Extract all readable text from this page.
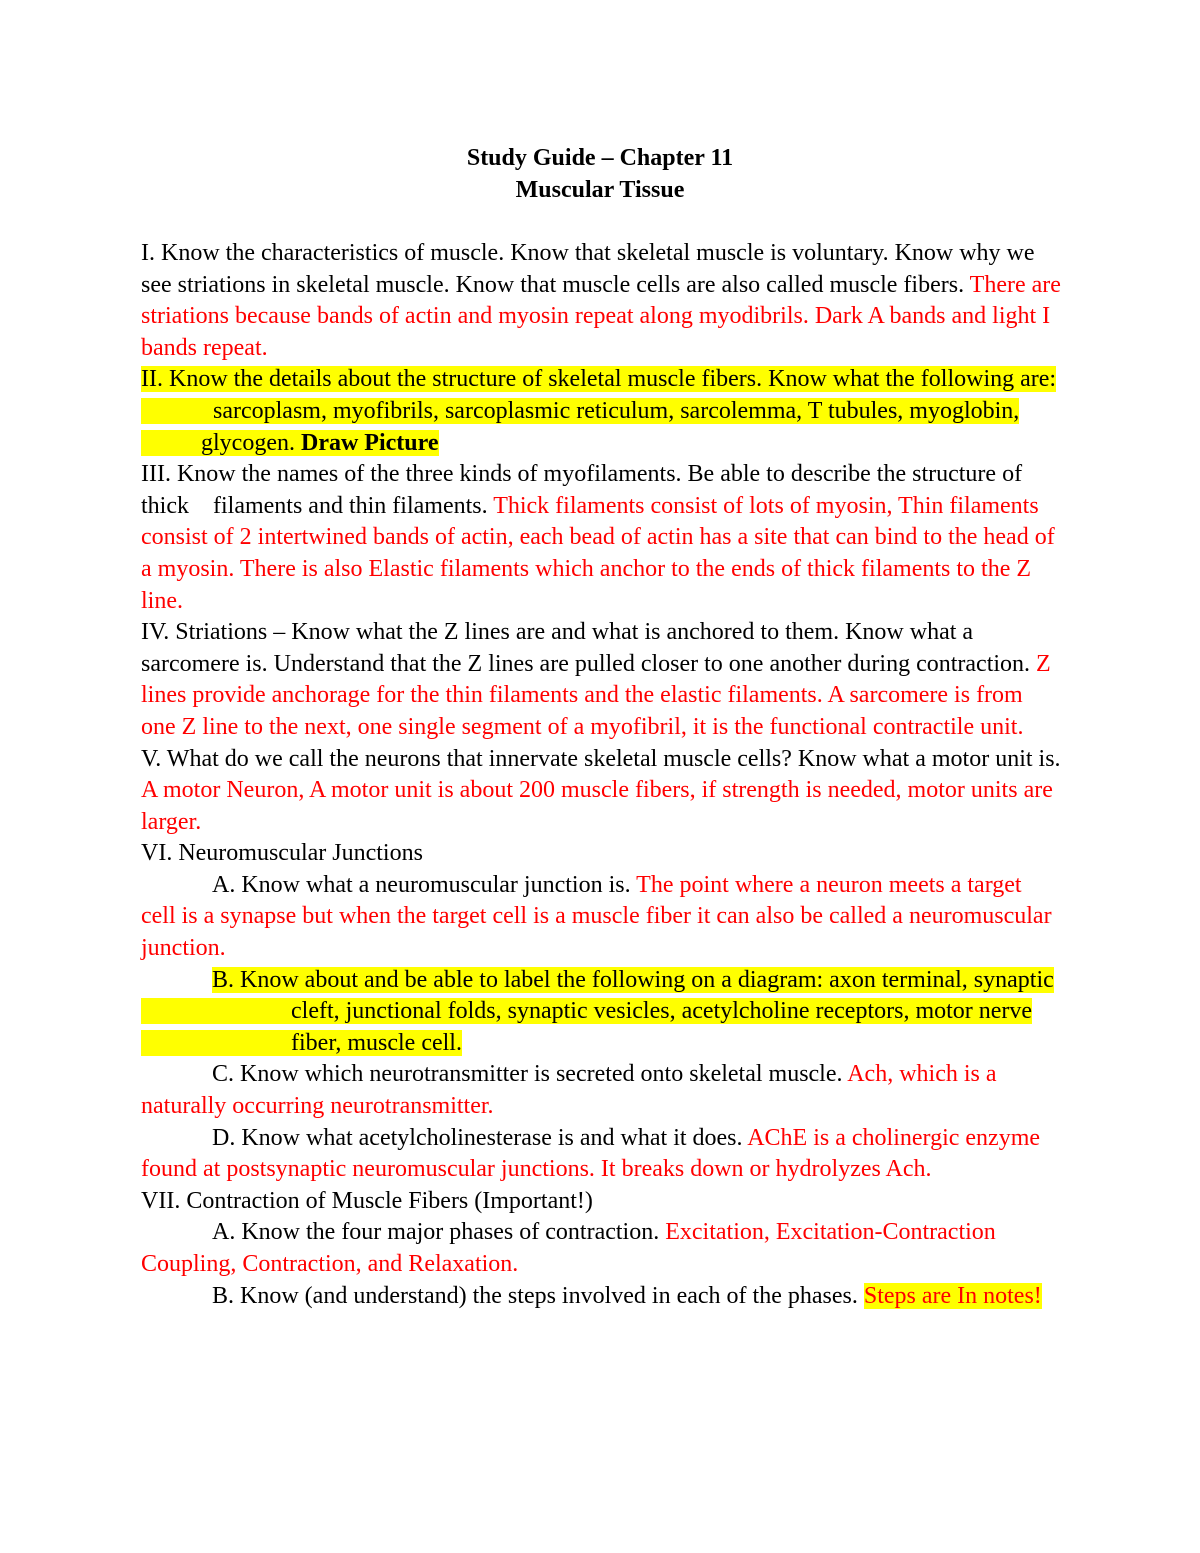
Study Guide – Chapter 11
Muscular Tissue

I. Know the characteristics of muscle. Know that skeletal muscle is voluntary. Know why we see striations in skeletal muscle. Know that muscle cells are also called muscle fibers. There are striations because bands of actin and myosin repeat along myodibrils. Dark A bands and light I bands repeat.

II. Know the details about the structure of skeletal muscle fibers. Know what the following are:sarcoplasm, myofibrils, sarcoplasmic reticulum, sarcolemma, T tubules, myoglobin,glycogen. Draw Picture

III. Know the names of the three kinds of myofilaments. Be able to describe the structure of thick filaments and thin filaments. Thick filaments consist of lots of myosin, Thin filaments consist of 2 intertwined bands of actin, each bead of actin has a site that can bind to the head of a myosin. There is also Elastic filaments which anchor to the ends of thick filaments to the Z line.

IV. Striations – Know what the Z lines are and what is anchored to them. Know what a sarcomere is. Understand that the Z lines are pulled closer to one another during contraction. Z lines provide anchorage for the thin filaments and the elastic filaments. A sarcomere is from one Z line to the next, one single segment of a myofibril, it is the functional contractile unit.

V. What do we call the neurons that innervate skeletal muscle cells? Know what a motor unit is. A motor Neuron, A motor unit is about 200 muscle fibers, if strength is needed, motor units are larger.

VI. Neuromuscular Junctions

A. Know what a neuromuscular junction is. The point where a neuron meets a target cell is a synapse but when the target cell is a muscle fiber it can also be called a neuromuscular junction.

B. Know about and be able to label the following on a diagram: axon terminal, synapticcleft, junctional folds, synaptic vesicles, acetylcholine receptors, motor nervefiber, muscle cell.

C. Know which neurotransmitter is secreted onto skeletal muscle. Ach, which is a naturally occurring neurotransmitter.

D. Know what acetylcholinesterase is and what it does. AChE is a cholinergic enzyme found at postsynaptic neuromuscular junctions. It breaks down or hydrolyzes Ach.

VII. Contraction of Muscle Fibers (Important!)

A. Know the four major phases of contraction. Excitation, Excitation-Contraction Coupling, Contraction, and Relaxation.

B. Know (and understand) the steps involved in each of the phases. Steps are In notes!
